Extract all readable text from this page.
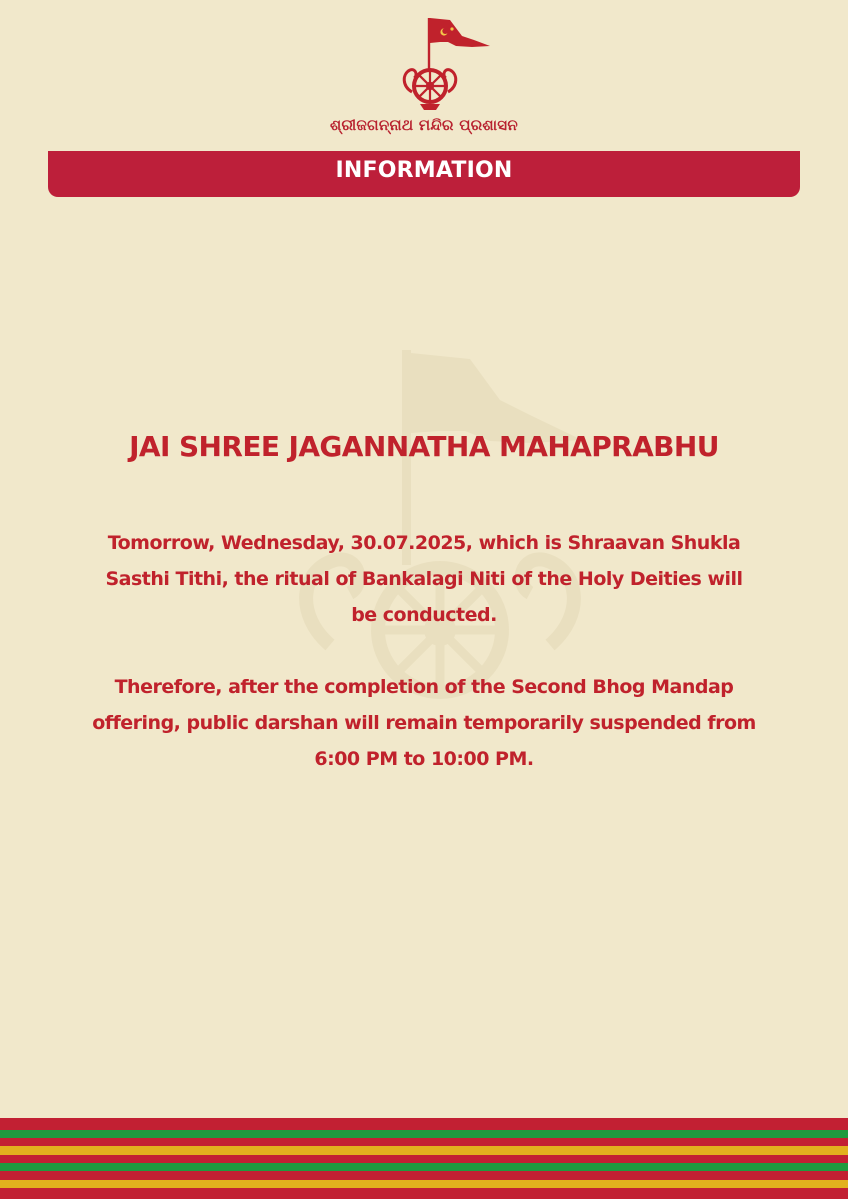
ଶ୍ରୀଜଗନ୍ନାଥ ମନ୍ଦିର ପ୍ରଶାସନ
INFORMATION
JAI SHREE JAGANNATHA MAHAPRABHU
Tomorrow, Wednesday, 30.07.2025, which is Shraavan Shukla Sasthi Tithi, the ritual of Bankalagi Niti of the Holy Deities will be conducted.
Therefore, after the completion of the Second Bhog Mandap offering, public darshan will remain temporarily suspended from 6:00 PM to 10:00 PM.
